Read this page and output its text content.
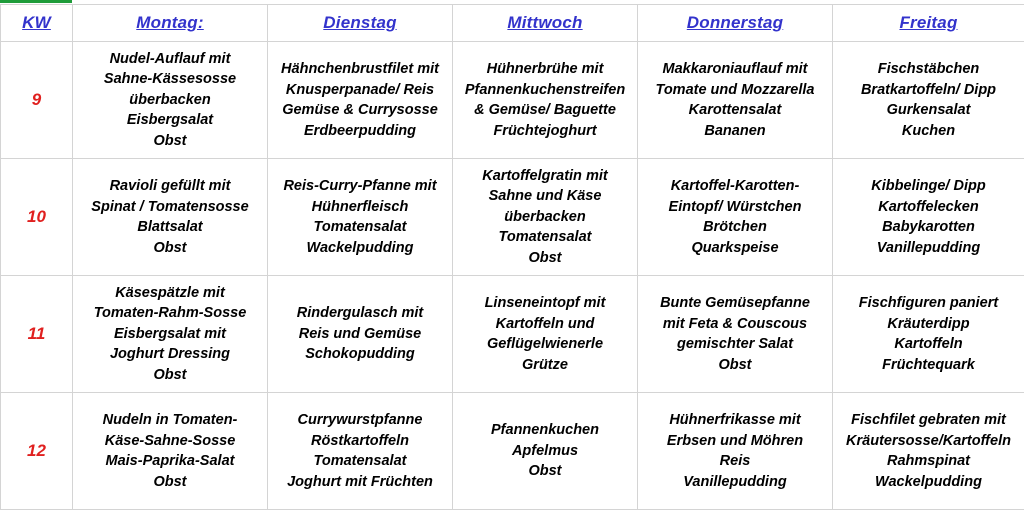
KW	Montag:	Dienstag	Mittwoch	Donnerstag	Freitag
9	Nudel-Auflauf mit
Sahne-Kässesosse
überbacken
Eisbergsalat
Obst	Hähnchenbrustfilet mit
Knusperpanade/ Reis
Gemüse & Currysosse
Erdbeerpudding	Hühnerbrühe mit
Pfannenkuchenstreifen
& Gemüse/ Baguette
Früchtejoghurt	Makkaroniauflauf mit
Tomate und Mozzarella
Karottensalat
Bananen	Fischstäbchen
Bratkartoffeln/ Dipp
Gurkensalat
Kuchen

10	Ravioli gefüllt mit
Spinat / Tomatensosse
Blattsalat
Obst	Reis-Curry-Pfanne mit
Hühnerfleisch
Tomatensalat
Wackelpudding	Kartoffelgratin mit
Sahne und Käse
überbacken
Tomatensalat
Obst	Kartoffel-Karotten-
Eintopf/ Würstchen
Brötchen
Quarkspeise	Kibbelinge/ Dipp
Kartoffelecken
Babykarotten
Vanillepudding

11	Käsespätzle mit
Tomaten-Rahm-Sosse
Eisbergsalat mit
Joghurt Dressing
Obst	Rindergulasch mit
Reis und Gemüse
Schokopudding	Linseneintopf mit
Kartoffeln und
Geflügelwienerle
Grütze	Bunte Gemüsepfanne
mit Feta & Couscous
gemischter Salat
Obst	Fischfiguren paniert
Kräuterdipp
Kartoffeln
Früchtequark

12	Nudeln in Tomaten-
Käse-Sahne-Sosse
Mais-Paprika-Salat
Obst	Currywurstpfanne
Röstkartoffeln
Tomatensalat
Joghurt mit Früchten	Pfannenkuchen
Apfelmus
Obst	Hühnerfrikasse mit
Erbsen und Möhren
Reis
Vanillepudding	Fischfilet gebraten mit
Kräutersosse/Kartoffeln
Rahmspinat
Wackelpudding
